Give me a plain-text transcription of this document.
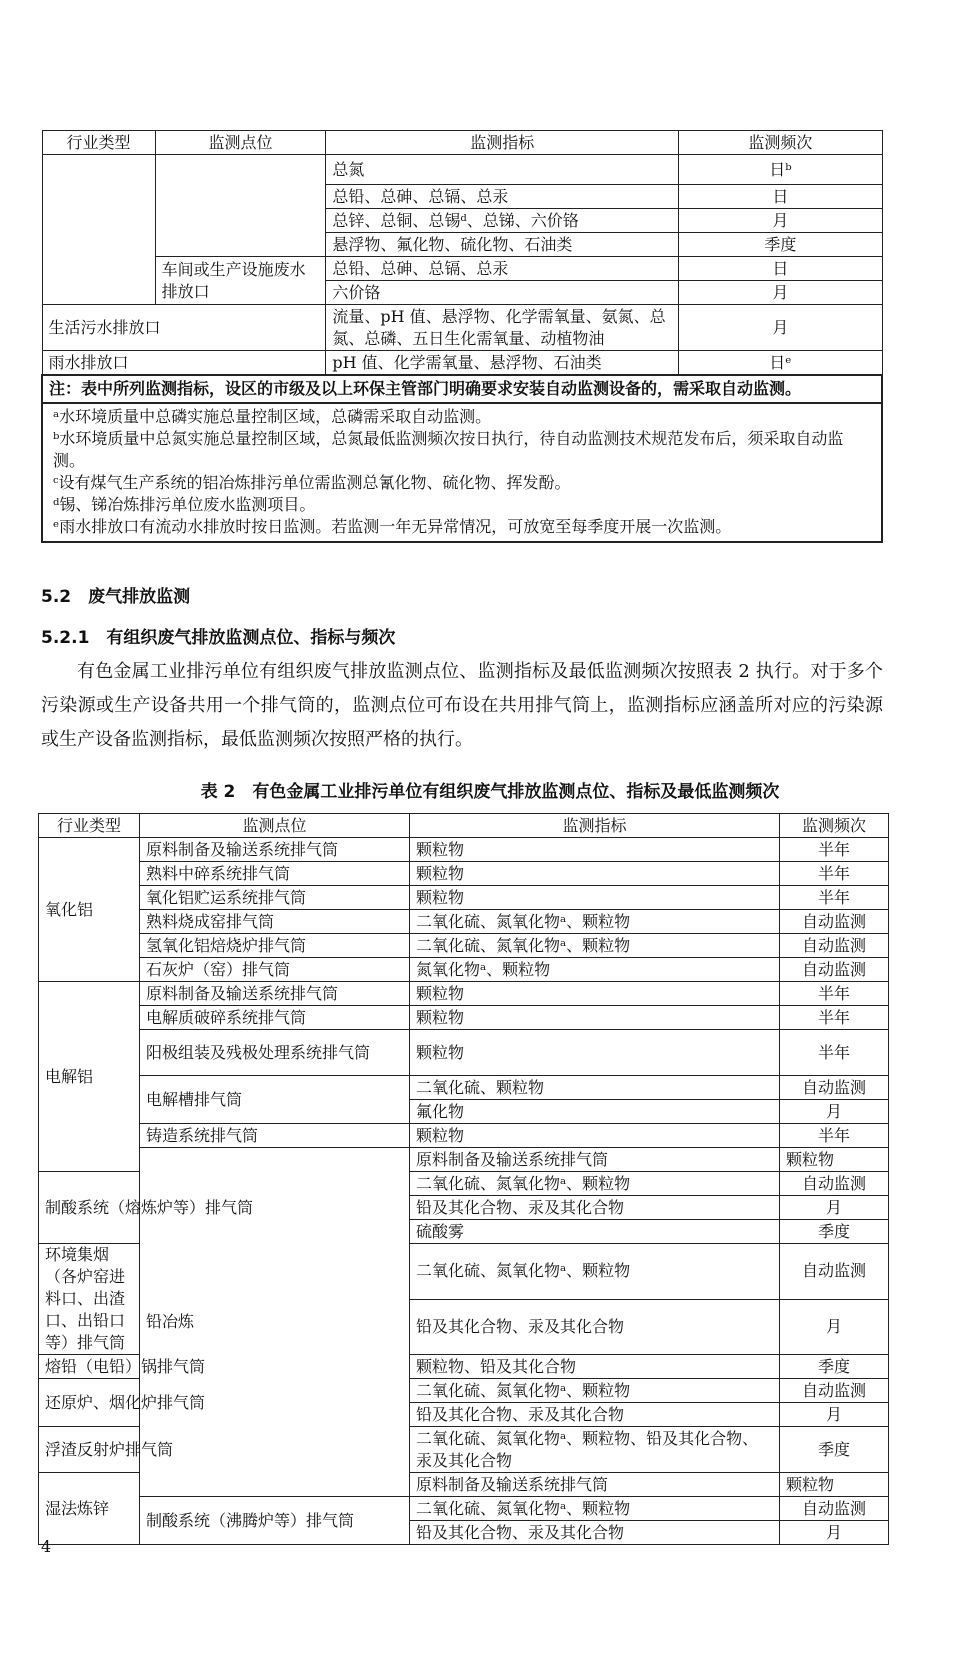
行业类型	监测点位	监测指标	监测频次
		总氮	日ᵇ
		总铅、总砷、总镉、总汞	日
		总锌、总铜、总锡ᵈ、总锑、六价铬	月
		悬浮物、氟化物、硫化物、石油类	季度
	车间或生产设施废水排放口	总铅、总砷、总镉、总汞	日
		六价铬	月
生活污水排放口		流量、pH 值、悬浮物、化学需氧量、氨氮、总氮、总磷、五日生化需氧量、动植物油	月
雨水排放口		pH 值、化学需氧量、悬浮物、石油类	日ᵉ
注：表中所列监测指标，设区的市级及以上环保主管部门明确要求安装自动监测设备的，需采取自动监测。			

ᵃ水环境质量中总磷实施总量控制区域，总磷需采取自动监测。
ᵇ水环境质量中总氮实施总量控制区域，总氮最低监测频次按日执行，待自动监测技术规范发布后，须采取自动监测。
ᶜ设有煤气生产系统的铝冶炼排污单位需监测总氰化物、硫化物、挥发酚。
ᵈ锡、锑冶炼排污单位废水监测项目。
ᵉ雨水排放口有流动水排放时按日监测。若监测一年无异常情况，可放宽至每季度开展一次监测。			
5.2　废气排放监测
5.2.1　有组织废气排放监测点位、指标与频次
有色金属工业排污单位有组织废气排放监测点位、监测指标及最低监测频次按照表 2 执行。对于多个污染源或生产设备共用一个排气筒的，监测点位可布设在共用排气筒上，监测指标应涵盖所对应的污染源或生产设备监测指标，最低监测频次按照严格的执行。
表 2　有色金属工业排污单位有组织废气排放监测点位、指标及最低监测频次
行业类型	监测点位	监测指标	监测频次	
氧化铝	原料制备及输送系统排气筒	颗粒物	半年	
	熟料中碎系统排气筒	颗粒物	半年	
	氧化铝贮运系统排气筒	颗粒物	半年	
	熟料烧成窑排气筒	二氧化硫、氮氧化物ᵃ、颗粒物	自动监测	
	氢氧化铝焙烧炉排气筒	二氧化硫、氮氧化物ᵃ、颗粒物	自动监测	
	石灰炉（窑）排气筒	氮氧化物ᵃ、颗粒物	自动监测	
电解铝	原料制备及输送系统排气筒	颗粒物	半年	
	电解质破碎系统排气筒	颗粒物	半年	
	阳极组装及残极处理系统排气筒	颗粒物	半年	
	电解槽排气筒	二氧化硫、颗粒物	自动监测	
		氟化物	月	
	铸造系统排气筒	颗粒物	半年	
	铅冶炼	原料制备及输送系统排气筒	颗粒物	
制酸系统（熔炼炉等）排气筒		二氧化硫、氮氧化物ᵃ、颗粒物	自动监测	
		铅及其化合物、汞及其化合物	月	
		硫酸雾	季度	
环境集烟（各炉窑进料口、出渣口、出铅口等）排气筒		二氧化硫、氮氧化物ᵃ、颗粒物	自动监测	
		铅及其化合物、汞及其化合物	月	
熔铅（电铅）锅排气筒		颗粒物、铅及其化合物	季度	
还原炉、烟化炉排气筒		二氧化硫、氮氧化物ᵃ、颗粒物	自动监测	
		铅及其化合物、汞及其化合物	月	
浮渣反射炉排气筒		二氧化硫、氮氧化物ᵃ、颗粒物、铅及其化合物、汞及其化合物	季度	
湿法炼锌		原料制备及输送系统排气筒	颗粒物	
	制酸系统（沸腾炉等）排气筒	二氧化硫、氮氧化物ᵃ、颗粒物	自动监测	
		铅及其化合物、汞及其化合物	月	
4
